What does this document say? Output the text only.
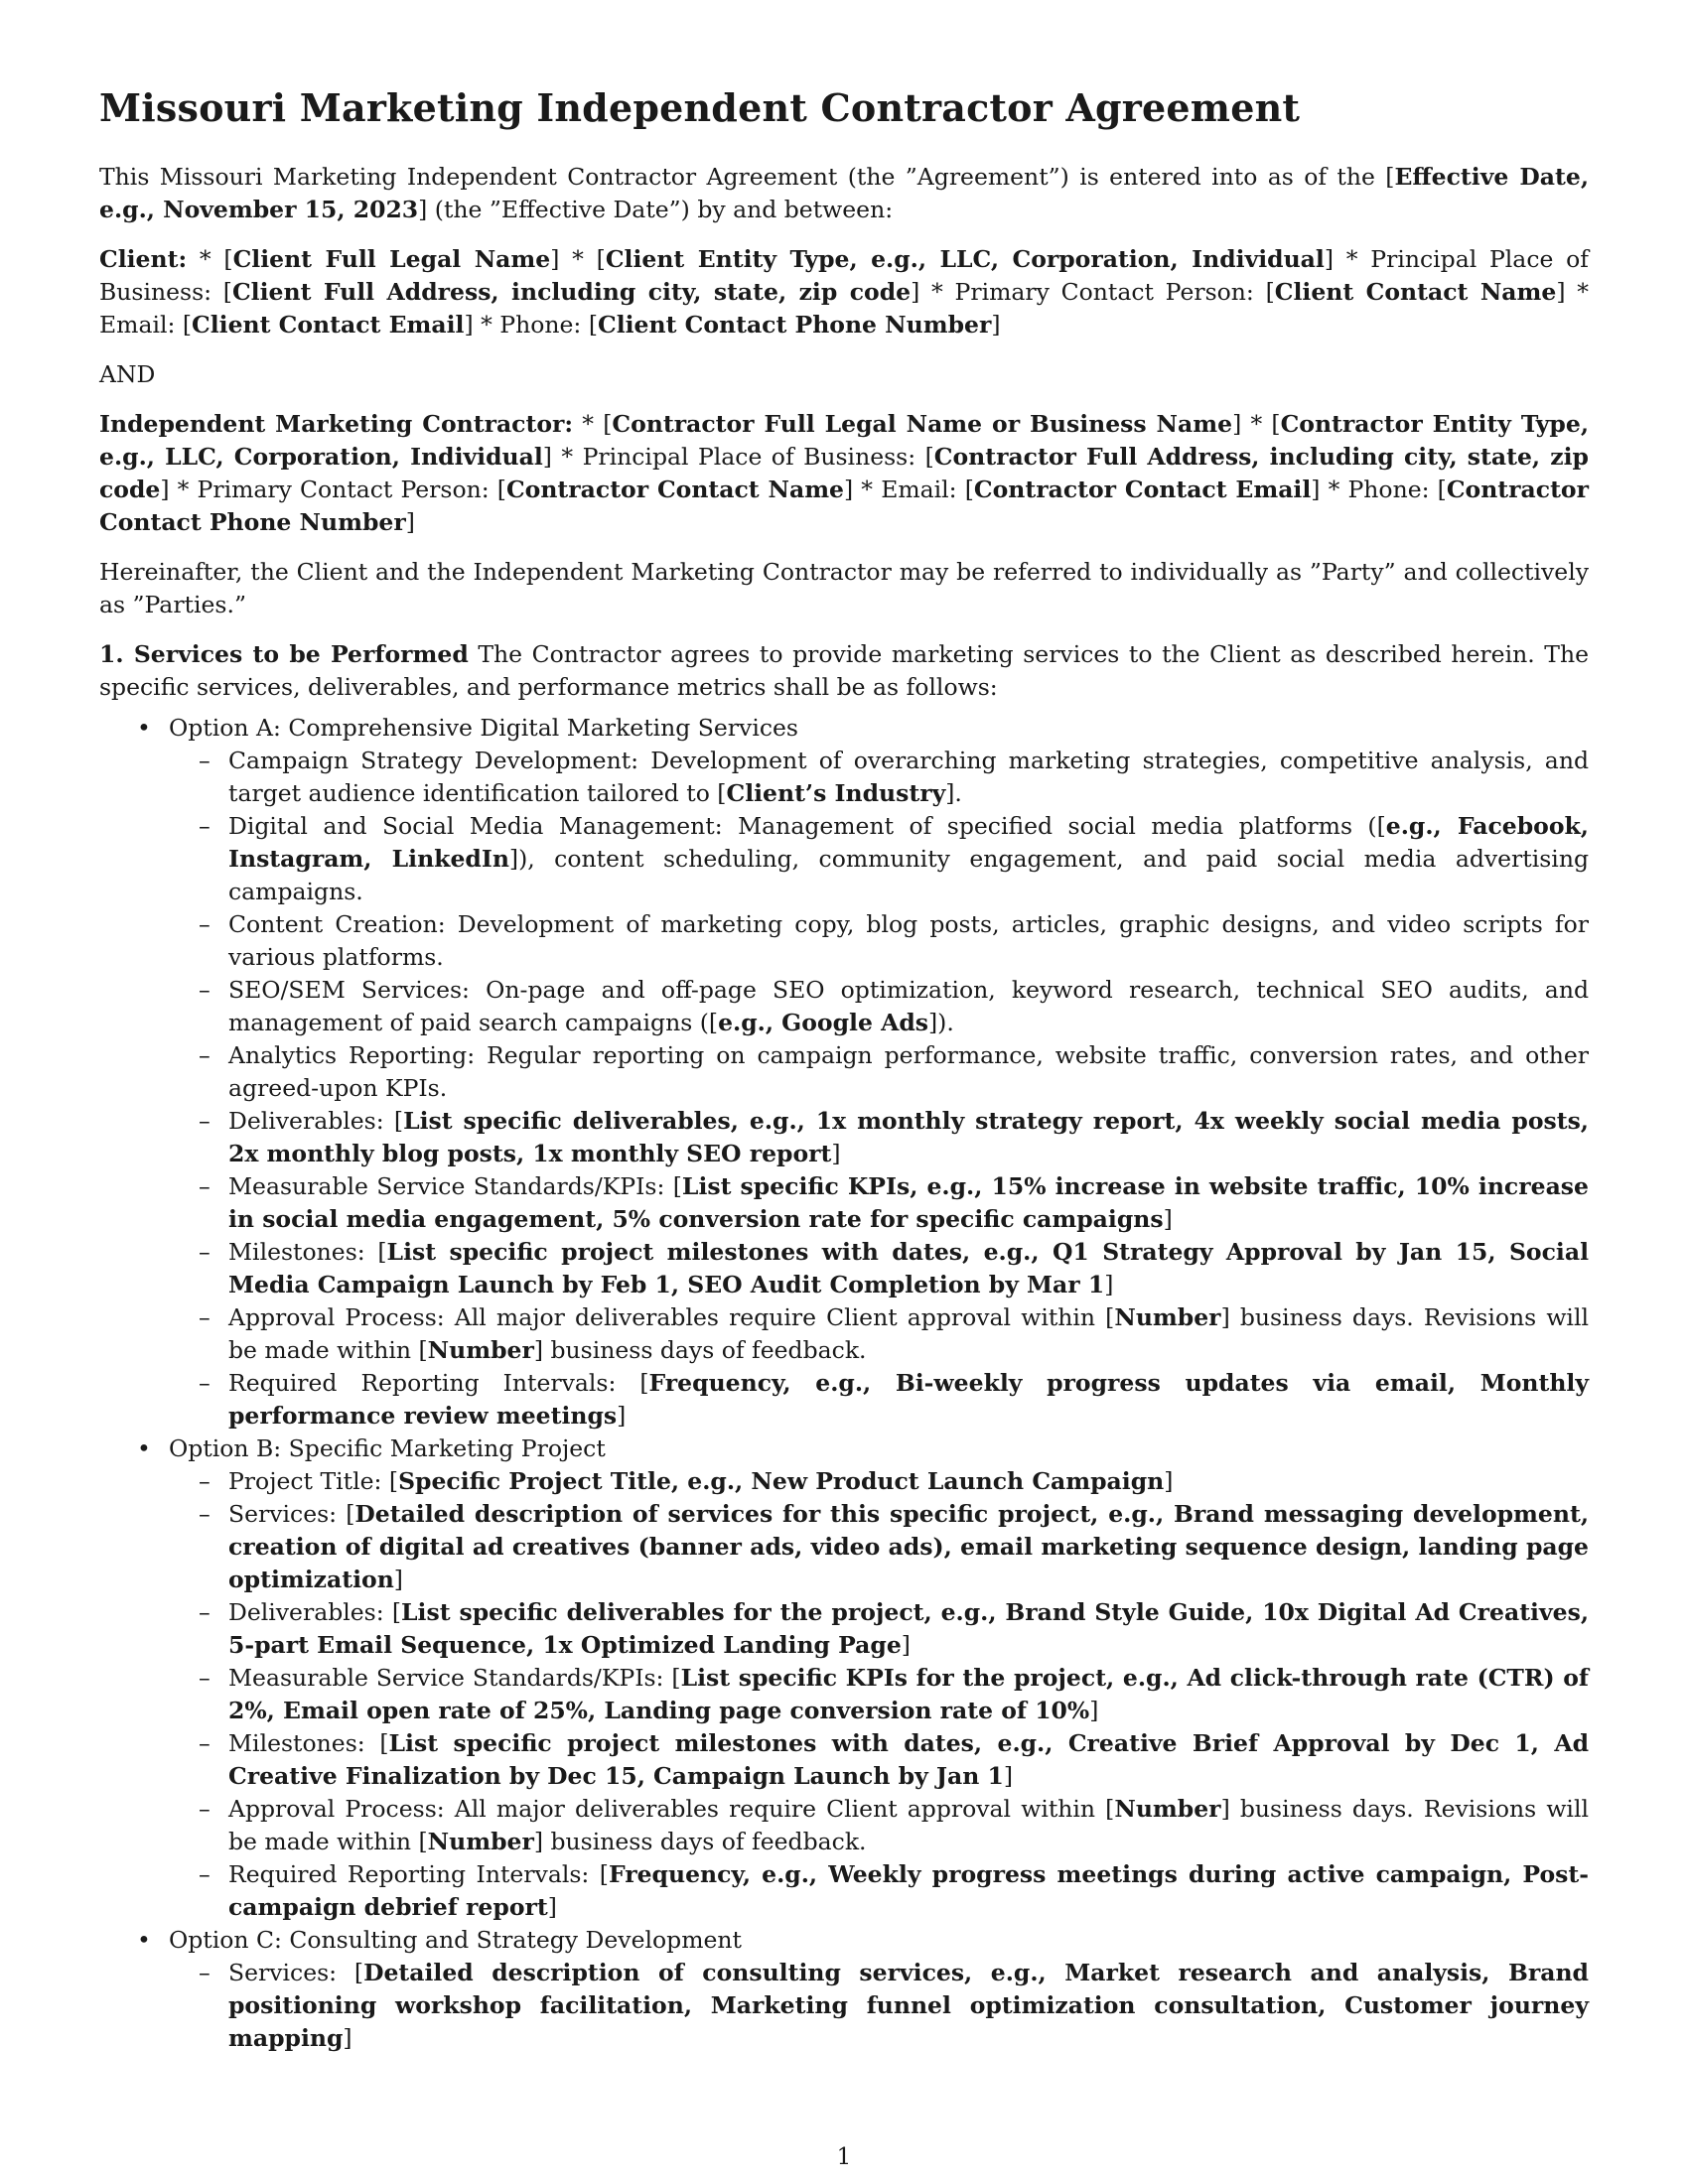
Missouri Marketing Independent Contractor Agreement

This Missouri Marketing Independent Contractor Agreement (the ”Agreement”) is entered into as of the [Effective Date, e.g., November 15, 2023] (the ”Effective Date”) by and between:

Client: * [Client Full Legal Name] * [Client Entity Type, e.g., LLC, Corporation, Individual] * Principal Place of Business: [Client Full Address, including city, state, zip code] * Primary Contact Person: [Client Contact Name] * Email: [Client Contact Email] * Phone: [Client Contact Phone Number]

AND

Independent Marketing Contractor: * [Contractor Full Legal Name or Business Name] * [Contractor Entity Type, e.g., LLC, Corporation, Individual] * Principal Place of Business: [Contractor Full Address, including city, state, zip code] * Primary Contact Person: [Contractor Contact Name] * Email: [Contractor Contact Email] * Phone: [Contractor Contact Phone Number]

Hereinafter, the Client and the Independent Marketing Contractor may be referred to individually as ”Party” and collectively as ”Parties.”

1. Services to be Performed The Contractor agrees to provide marketing services to the Client as described herein. The specific services, deliverables, and performance metrics shall be as follows:

• Option A: Comprehensive Digital Marketing Services
– Campaign Strategy Development: Development of overarching marketing strategies, competitive analysis, and target audience identification tailored to [Client’s Industry].
– Digital and Social Media Management: Management of specified social media platforms ([e.g., Facebook, Instagram, LinkedIn]), content scheduling, community engagement, and paid social media advertising campaigns.
– Content Creation: Development of marketing copy, blog posts, articles, graphic designs, and video scripts for various platforms.
– SEO/SEM Services: On-page and off-page SEO optimization, keyword research, technical SEO audits, and management of paid search campaigns ([e.g., Google Ads]).
– Analytics Reporting: Regular reporting on campaign performance, website traffic, conversion rates, and other agreed-upon KPIs.
– Deliverables: [List specific deliverables, e.g., 1x monthly strategy report, 4x weekly social media posts, 2x monthly blog posts, 1x monthly SEO report]
– Measurable Service Standards/KPIs: [List specific KPIs, e.g., 15% increase in website traffic, 10% increase in social media engagement, 5% conversion rate for specific campaigns]
– Milestones: [List specific project milestones with dates, e.g., Q1 Strategy Approval by Jan 15, Social Media Campaign Launch by Feb 1, SEO Audit Completion by Mar 1]
– Approval Process: All major deliverables require Client approval within [Number] business days. Revisions will be made within [Number] business days of feedback.
– Required Reporting Intervals: [Frequency, e.g., Bi-weekly progress updates via email, Monthly performance review meetings]
• Option B: Specific Marketing Project
– Project Title: [Specific Project Title, e.g., New Product Launch Campaign]
– Services: [Detailed description of services for this specific project, e.g., Brand messaging development, creation of digital ad creatives (banner ads, video ads), email marketing sequence design, landing page optimization]
– Deliverables: [List specific deliverables for the project, e.g., Brand Style Guide, 10x Digital Ad Creatives, 5-part Email Sequence, 1x Optimized Landing Page]
– Measurable Service Standards/KPIs: [List specific KPIs for the project, e.g., Ad click-through rate (CTR) of 2%, Email open rate of 25%, Landing page conversion rate of 10%]
– Milestones: [List specific project milestones with dates, e.g., Creative Brief Approval by Dec 1, Ad Creative Finalization by Dec 15, Campaign Launch by Jan 1]
– Approval Process: All major deliverables require Client approval within [Number] business days. Revisions will be made within [Number] business days of feedback.
– Required Reporting Intervals: [Frequency, e.g., Weekly progress meetings during active campaign, Post-campaign debrief report]
• Option C: Consulting and Strategy Development
– Services: [Detailed description of consulting services, e.g., Market research and analysis, Brand positioning workshop facilitation, Marketing funnel optimization consultation, Customer journey mapping]
1
